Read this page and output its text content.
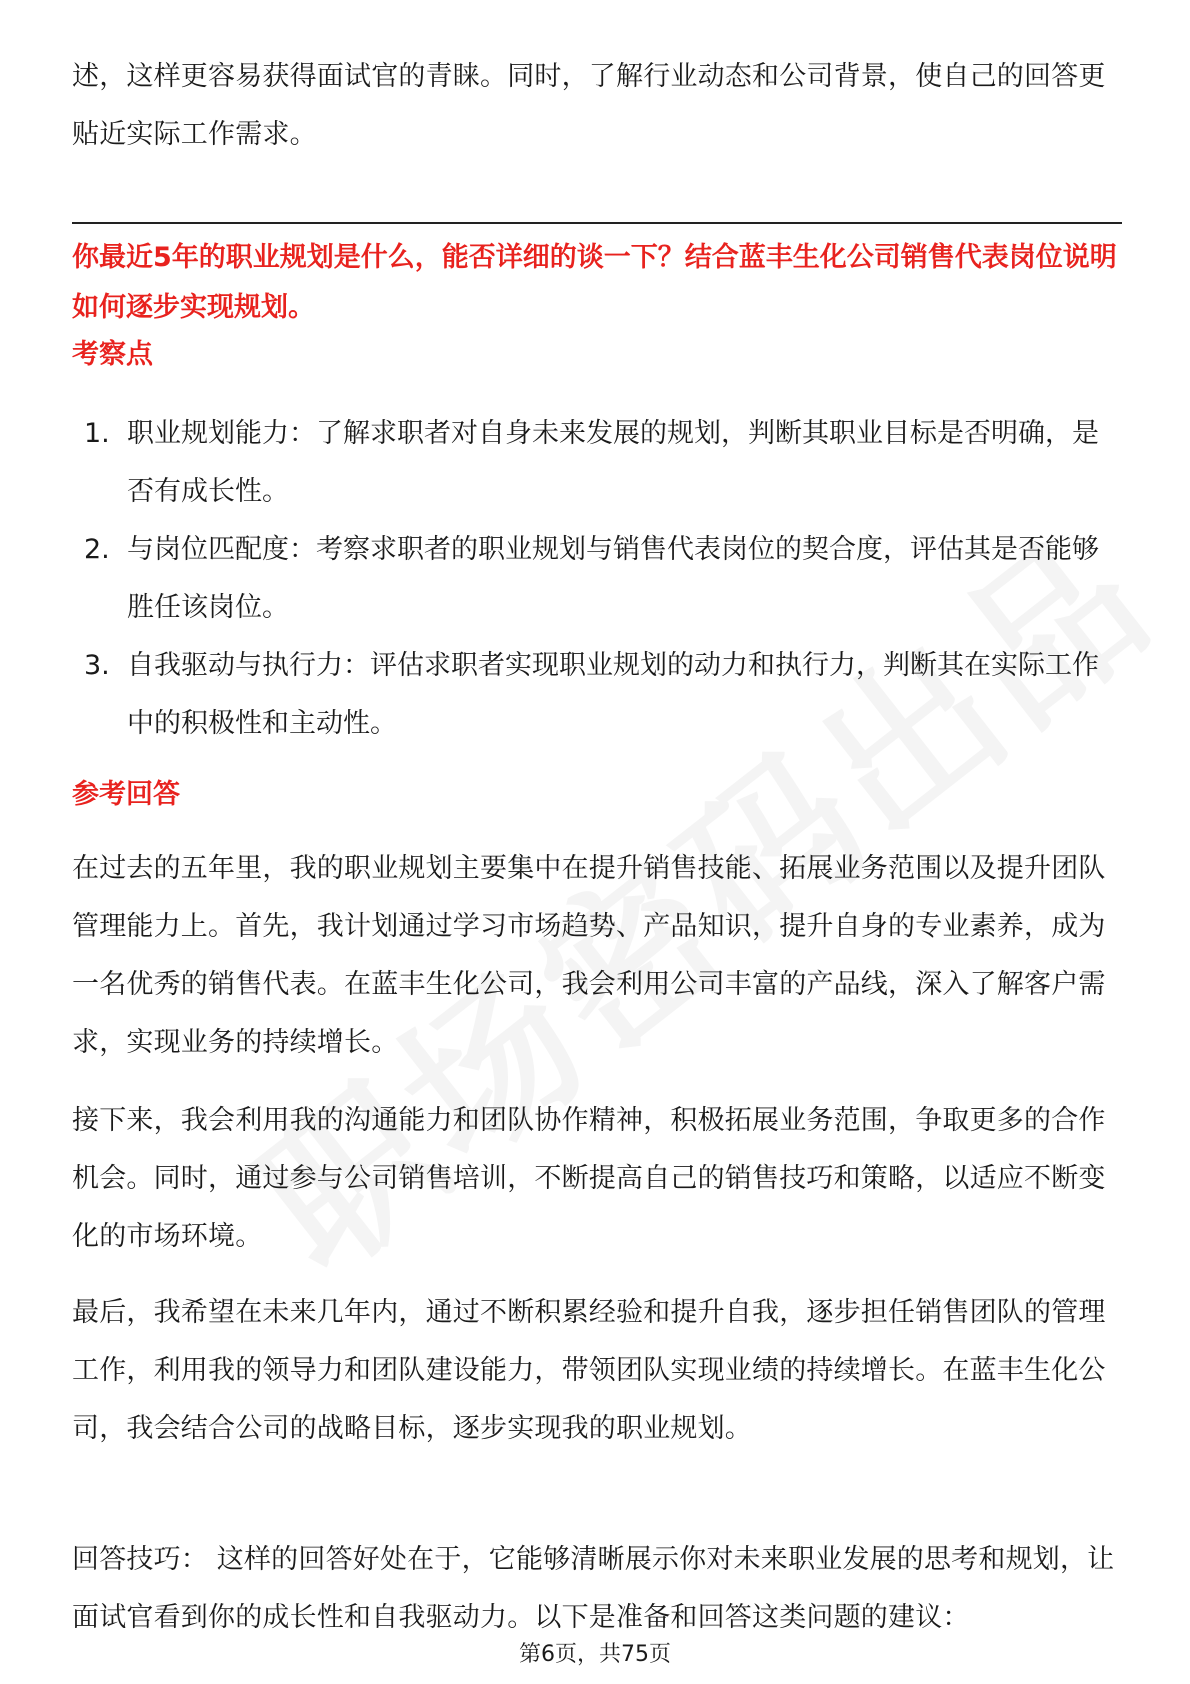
述，这样更容易获得面试官的青睐。同时，了解行业动态和公司背景，使自己的回答更贴近实际工作需求。

你最近5年的职业规划是什么，能否详细的谈一下？结合蓝丰生化公司销售代表岗位说明如何逐步实现规划。

考察点

1. 职业规划能力：了解求职者对自身未来发展的规划，判断其职业目标是否明确，是否有成长性。
2. 与岗位匹配度：考察求职者的职业规划与销售代表岗位的契合度，评估其是否能够胜任该岗位。
3. 自我驱动与执行力：评估求职者实现职业规划的动力和执行力，判断其在实际工作中的积极性和主动性。

参考回答

在过去的五年里，我的职业规划主要集中在提升销售技能、拓展业务范围以及提升团队管理能力上。首先，我计划通过学习市场趋势、产品知识，提升自身的专业素养，成为一名优秀的销售代表。在蓝丰生化公司，我会利用公司丰富的产品线，深入了解客户需求，实现业务的持续增长。

接下来，我会利用我的沟通能力和团队协作精神，积极拓展业务范围，争取更多的合作机会。同时，通过参与公司销售培训，不断提高自己的销售技巧和策略，以适应不断变化的市场环境。

最后，我希望在未来几年内，通过不断积累经验和提升自我，逐步担任销售团队的管理工作，利用我的领导力和团队建设能力，带领团队实现业绩的持续增长。在蓝丰生化公司，我会结合公司的战略目标，逐步实现我的职业规划。

回答技巧： 这样的回答好处在于，它能够清晰展示你对未来职业发展的思考和规划，让面试官看到你的成长性和自我驱动力。以下是准备和回答这类问题的建议：

第6页，共75页
